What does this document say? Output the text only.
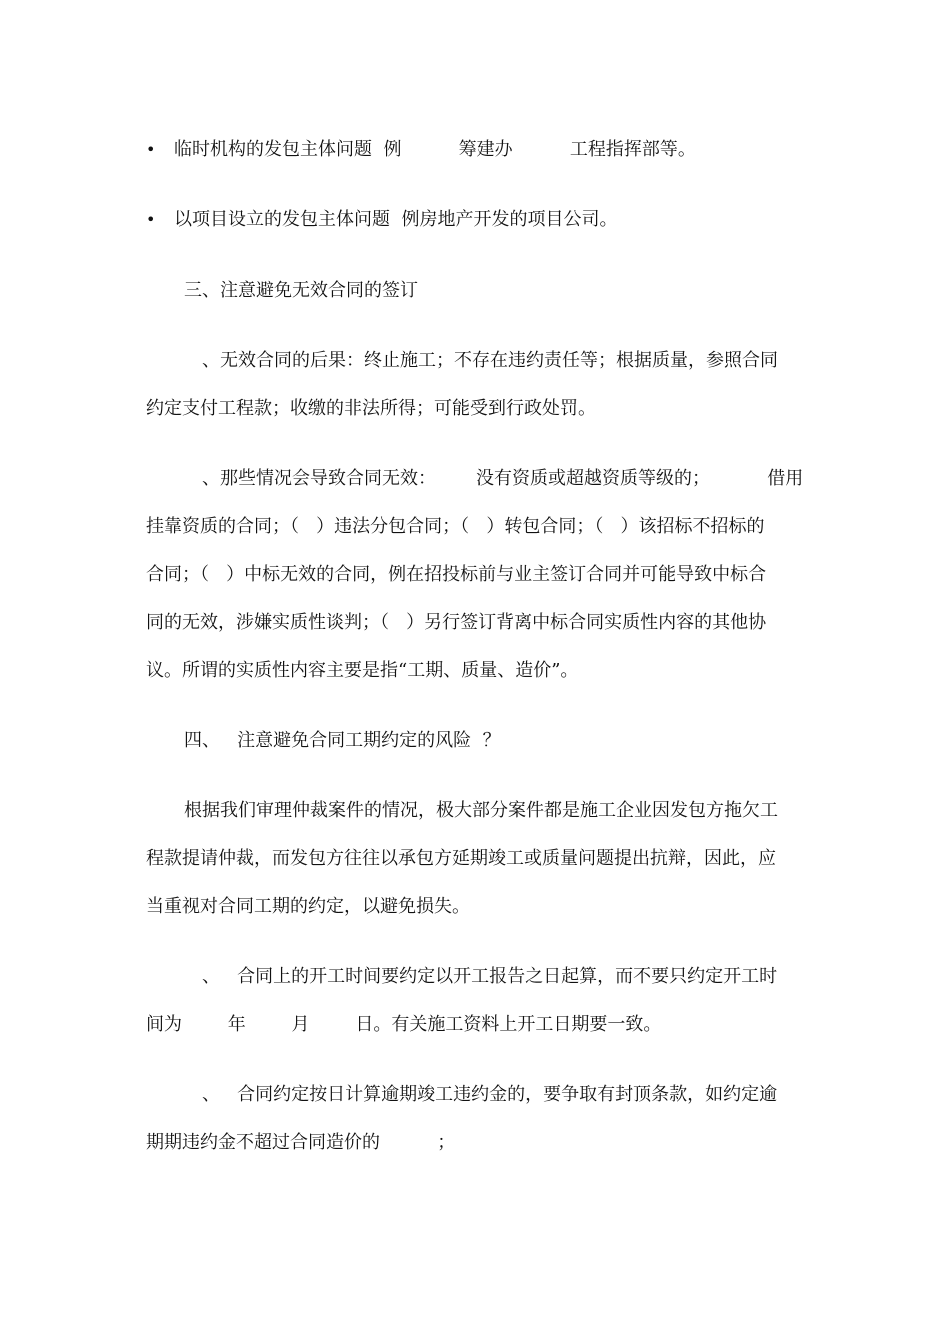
• 临时机构的发包主体问题  例          筹建办          工程指挥部等。
• 以项目设立的发包主体问题  例房地产开发的项目公司。
三、注意避免无效合同的签订
、无效合同的后果：终止施工；不存在违约责任等；根据质量，参照合同
约定支付工程款；收缴的非法所得；可能受到行政处罚。
、那些情况会导致合同无效：       没有资质或超越资质等级的；          借用
挂靠资质的合同；（   ）违法分包合同；（   ）转包合同；（   ）该招标不招标的
合同；（   ）中标无效的合同，例在招投标前与业主签订合同并可能导致中标合
同的无效，涉嫌实质性谈判；（   ）另行签订背离中标合同实质性内容的其他协
议。所谓的实质性内容主要是指“工期、质量、造价”。
四、   注意避免合同工期约定的风险  ？
根据我们审理仲裁案件的情况，极大部分案件都是施工企业因发包方拖欠工
程款提请仲裁，而发包方往往以承包方延期竣工或质量问题提出抗辩，因此，应
当重视对合同工期的约定，以避免损失。
、   合同上的开工时间要约定以开工报告之日起算，而不要只约定开工时
间为        年        月        日。有关施工资料上开工日期要一致。
、   合同约定按日计算逾期竣工违约金的，要争取有封顶条款，如约定逾
期期违约金不超过合同造价的          ；
